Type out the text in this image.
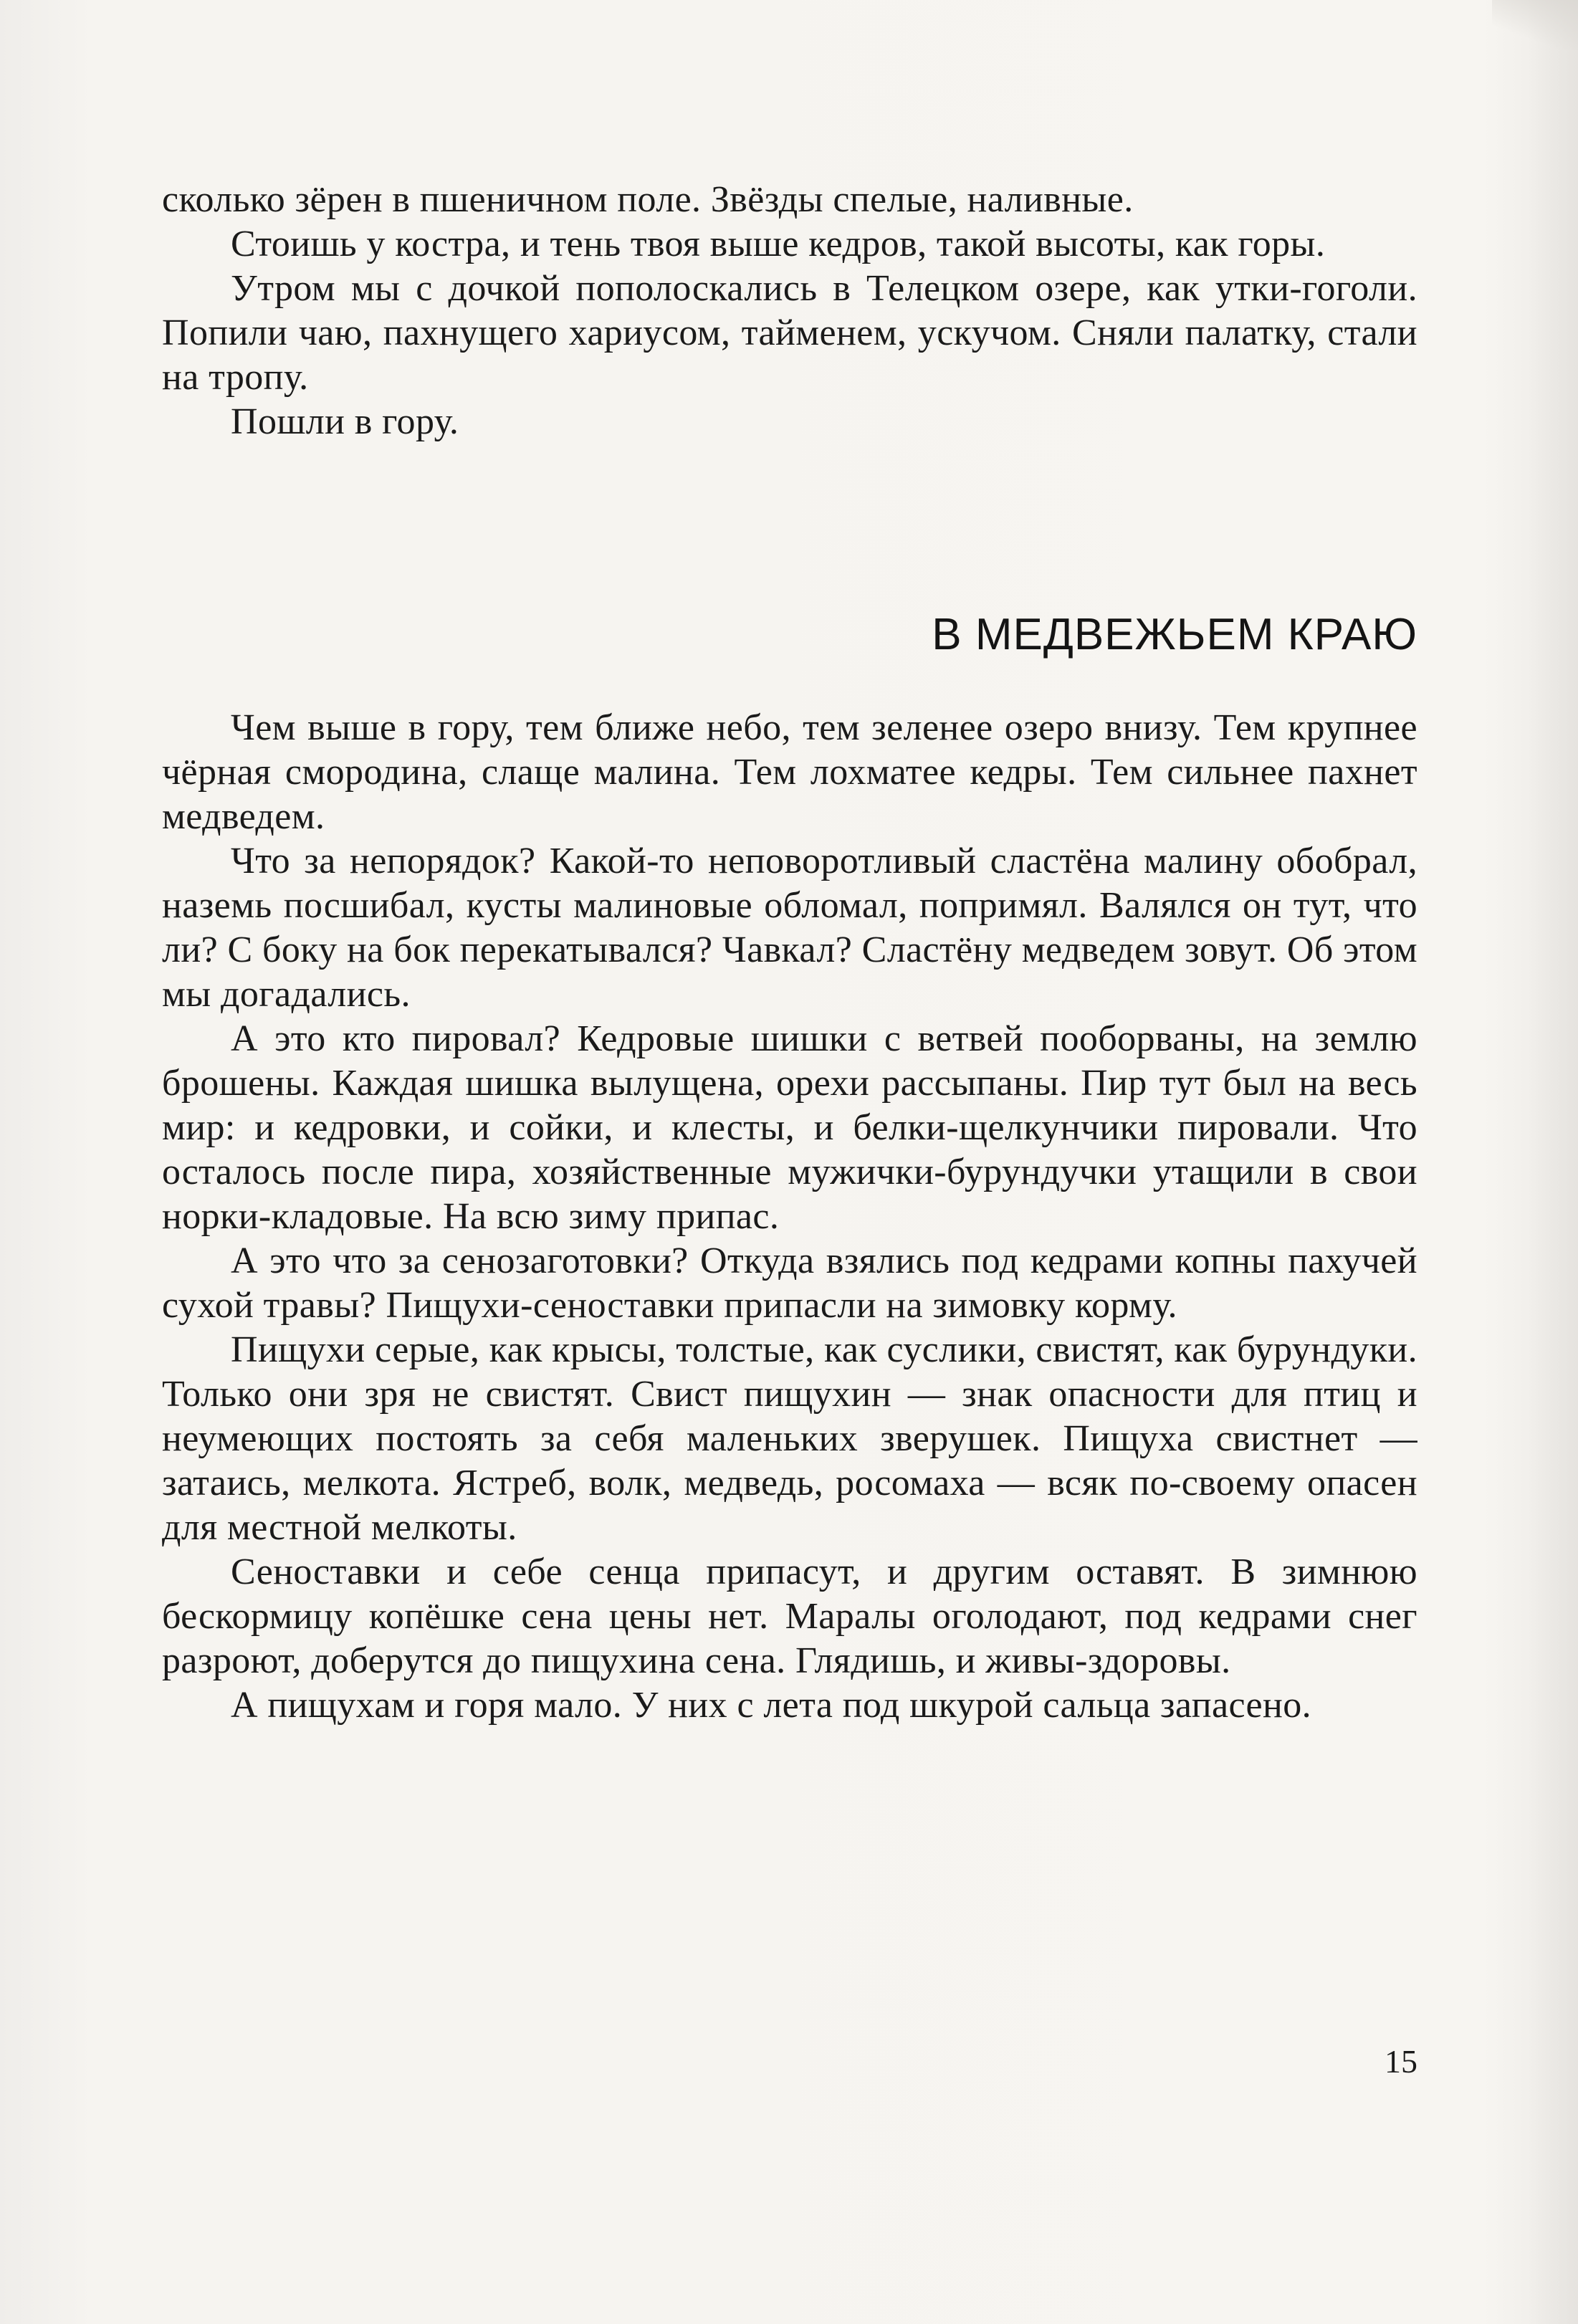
сколько зёрен в пшеничном поле. Звёзды спелые, наливные.

Стоишь у костра, и тень твоя выше кедров, такой высоты, как горы.

Утром мы с дочкой пополоскались в Телецком озере, как утки-гоголи. Попили чаю, пахнущего хариусом, тайменем, ускучом. Сняли палатку, стали на тропу.

Пошли в гору.

В МЕДВЕЖЬЕМ КРАЮ

Чем выше в гору, тем ближе небо, тем зеленее озеро внизу. Тем крупнее чёрная смородина, слаще малина. Тем лохматее кедры. Тем сильнее пахнет медведем.

Что за непорядок? Какой-то неповоротливый сластёна малину обобрал, наземь посшибал, кусты малиновые обломал, попримял. Валялся он тут, что ли? С боку на бок перекатывался? Чавкал? Сластёну медведем зовут. Об этом мы догадались.

А это кто пировал? Кедровые шишки с ветвей пооборваны, на землю брошены. Каждая шишка вылущена, орехи рассыпаны. Пир тут был на весь мир: и кедровки, и сойки, и клесты, и белки-щелкунчики пировали. Что осталось после пира, хозяйственные мужички-бурундучки утащили в свои норки-кладовые. На всю зиму припас.

А это что за сенозаготовки? Откуда взялись под кедрами копны пахучей сухой травы? Пищухи-сеноставки припасли на зимовку корму.

Пищухи серые, как крысы, толстые, как суслики, свистят, как бурундуки. Только они зря не свистят. Свист пищухин — знак опасности для птиц и неумеющих постоять за себя маленьких зверушек. Пищуха свистнет — затаись, мелкота. Ястреб, волк, медведь, росомаха — всяк по-своему опасен для местной мелкоты.

Сеноставки и себе сенца припасут, и другим оставят. В зимнюю бескормицу копёшке сена цены нет. Маралы оголодают, под кедрами снег разроют, доберутся до пищухина сена. Глядишь, и живы-здоровы.

А пищухам и горя мало. У них с лета под шкурой сальца запасено.

15
